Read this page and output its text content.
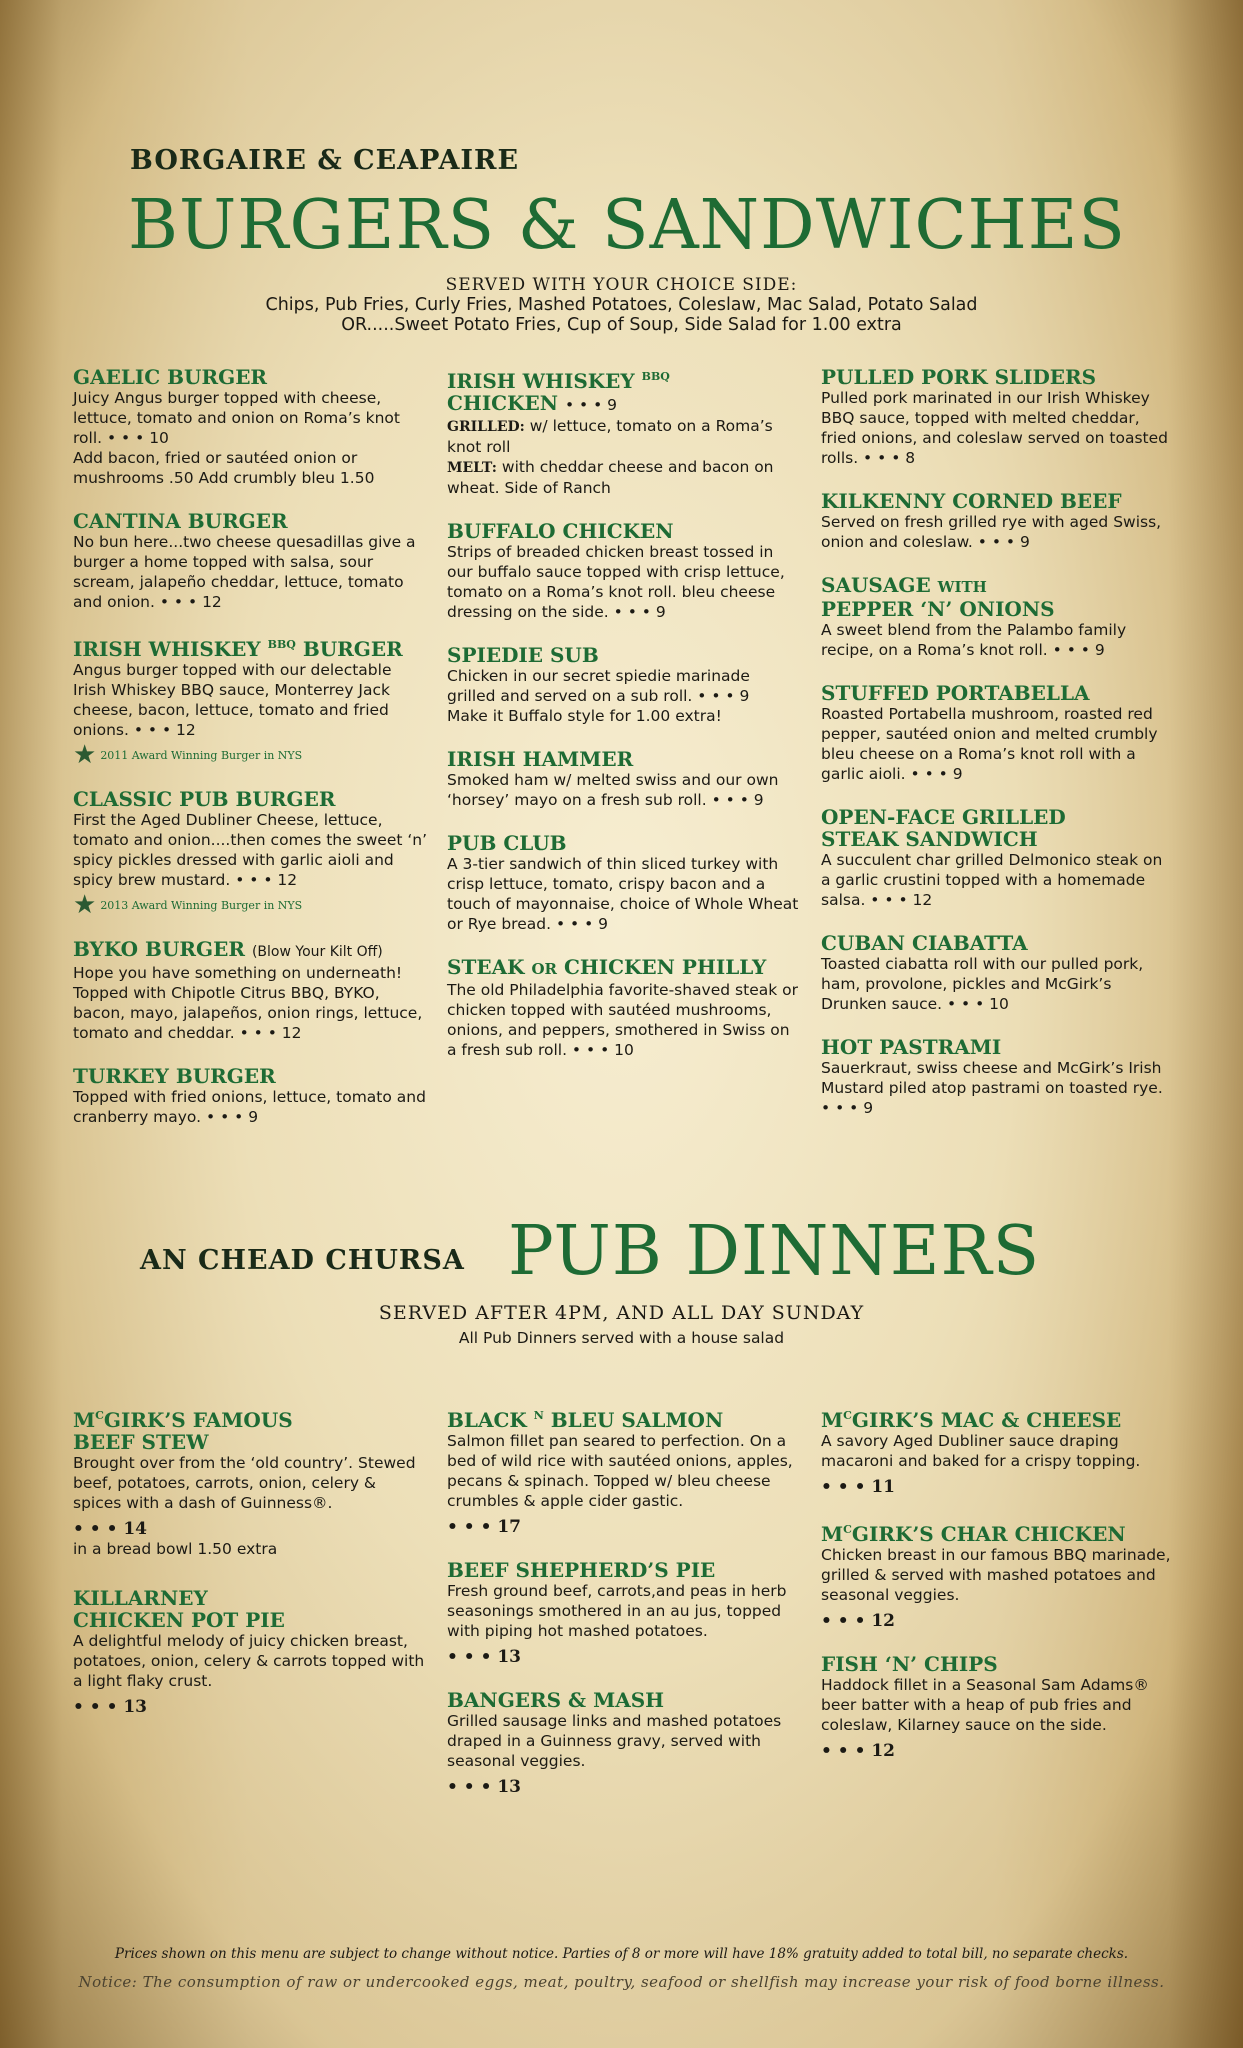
BORGAIRE & CEAPAIRE
BURGERS & SANDWICHES
SERVED WITH YOUR CHOICE SIDE:
Chips, Pub Fries, Curly Fries, Mashed Potatoes, Coleslaw, Mac Salad, Potato Salad
OR.....Sweet Potato Fries, Cup of Soup, Side Salad for 1.00 extra

GAELIC BURGER

Juicy Angus burger topped with cheese, lettuce, tomato and onion on Roma’s knot roll. • • • 10

Add bacon, fried or sautéed onion or mushrooms .50 Add crumbly bleu 1.50

CANTINA BURGER

No bun here...two cheese quesadillas give a burger a home topped with salsa, sour scream, jalapeño cheddar, lettuce, tomato and onion. • • • 12

IRISH WHISKEY $^{BBQ}$ BURGER

Angus burger topped with our delectable Irish Whiskey BBQ sauce, Monterrey Jack cheese, bacon, lettuce, tomato and fried onions. • • • 12

★ 2011 Award Winning Burger in NYS

CLASSIC PUB BURGER

First the Aged Dubliner Cheese, lettuce, tomato and onion....then comes the sweet ‘n’ spicy pickles dressed with garlic aioli and spicy brew mustard. • • • 12

★ 2013 Award Winning Burger in NYS

BYKO BURGER (Blow Your Kilt Off)

Hope you have something on underneath! Topped with Chipotle Citrus BBQ, BYKO, bacon, mayo, jalapeños, onion rings, lettuce, tomato and cheddar. • • • 12

TURKEY BURGER

Topped with fried onions, lettuce, tomato and cranberry mayo. • • • 9

IRISH WHISKEY $^{BBQ}$
CHICKEN • • • 9

GRILLED: w/ lettuce, tomato on a Roma’s knot roll

MELT: with cheddar cheese and bacon on wheat. Side of Ranch

BUFFALO CHICKEN

Strips of breaded chicken breast tossed in our buffalo sauce topped with crisp lettuce, tomato on a Roma’s knot roll. bleu cheese dressing on the side. • • • 9

SPIEDIE SUB

Chicken in our secret spiedie marinade grilled and served on a sub roll. • • • 9

Make it Buffalo style for 1.00 extra!

IRISH HAMMER

Smoked ham w/ melted swiss and our own ‘horsey’ mayo on a fresh sub roll. • • • 9

PUB CLUB

A 3-tier sandwich of thin sliced turkey with crisp lettuce, tomato, crispy bacon and a touch of mayonnaise, choice of Whole Wheat or Rye bread. • • • 9

STEAK OR CHICKEN PHILLY

The old Philadelphia favorite-shaved steak or chicken topped with sautéed mushrooms, onions, and peppers, smothered in Swiss on a fresh sub roll. • • • 10

PULLED PORK SLIDERS

Pulled pork marinated in our Irish Whiskey BBQ sauce, topped with melted cheddar, fried onions, and coleslaw served on toasted rolls. • • • 8

KILKENNY CORNED BEEF

Served on fresh grilled rye with aged Swiss, onion and coleslaw. • • • 9

SAUSAGE WITH
PEPPER ‘N’ ONIONS

A sweet blend from the Palambo family recipe, on a Roma’s knot roll. • • • 9

STUFFED PORTABELLA

Roasted Portabella mushroom, roasted red pepper, sautéed onion and melted crumbly bleu cheese on a Roma’s knot roll with a garlic aioli. • • • 9

OPEN-FACE GRILLED
STEAK SANDWICH

A succulent char grilled Delmonico steak on a garlic crustini topped with a homemade salsa. • • • 12

CUBAN CIABATTA

Toasted ciabatta roll with our pulled pork, ham, provolone, pickles and McGirk’s Drunken sauce. • • • 10

HOT PASTRAMI

Sauerkraut, swiss cheese and McGirk’s Irish Mustard piled atop pastrami on toasted rye. • • • 9

AN CHEAD CHURSA PUB DINNERS
SERVED AFTER 4PM, AND ALL DAY SUNDAY
All Pub Dinners served with a house salad

$M^CGIRK’S$ FAMOUS
BEEF STEW

Brought over from the ‘old country’. Stewed beef, potatoes, carrots, onion, celery & spices with a dash of Guinness®.

• • • 14

in a bread bowl 1.50 extra

KILLARNEY
CHICKEN POT PIE

A delightful melody of juicy chicken breast, potatoes, onion, celery & carrots topped with a light flaky crust.

• • • 13

BLACK $^N$ BLEU SALMON

Salmon fillet pan seared to perfection. On a bed of wild rice with sautéed onions, apples, pecans & spinach. Topped w/ bleu cheese crumbles & apple cider gastic.

• • • 17

BEEF SHEPHERD’S PIE

Fresh ground beef, carrots,and peas in herb seasonings smothered in an au jus, topped with piping hot mashed potatoes.

• • • 13

BANGERS & MASH

Grilled sausage links and mashed potatoes draped in a Guinness gravy, served with seasonal veggies.

• • • 13

$M^CGIRK’S$ MAC & CHEESE

A savory Aged Dubliner sauce draping macaroni and baked for a crispy topping.

• • • 11

$M^CGIRK’S$ CHAR CHICKEN

Chicken breast in our famous BBQ marinade, grilled & served with mashed potatoes and seasonal veggies.

• • • 12

FISH ‘N’ CHIPS

Haddock fillet in a Seasonal Sam Adams® beer batter with a heap of pub fries and coleslaw, Kilarney sauce on the side.

• • • 12

Prices shown on this menu are subject to change without notice. Parties of 8 or more will have 18% gratuity added to total bill, no separate checks.
Notice: The consumption of raw or undercooked eggs, meat, poultry, seafood or shellfish may increase your risk of food borne illness.
